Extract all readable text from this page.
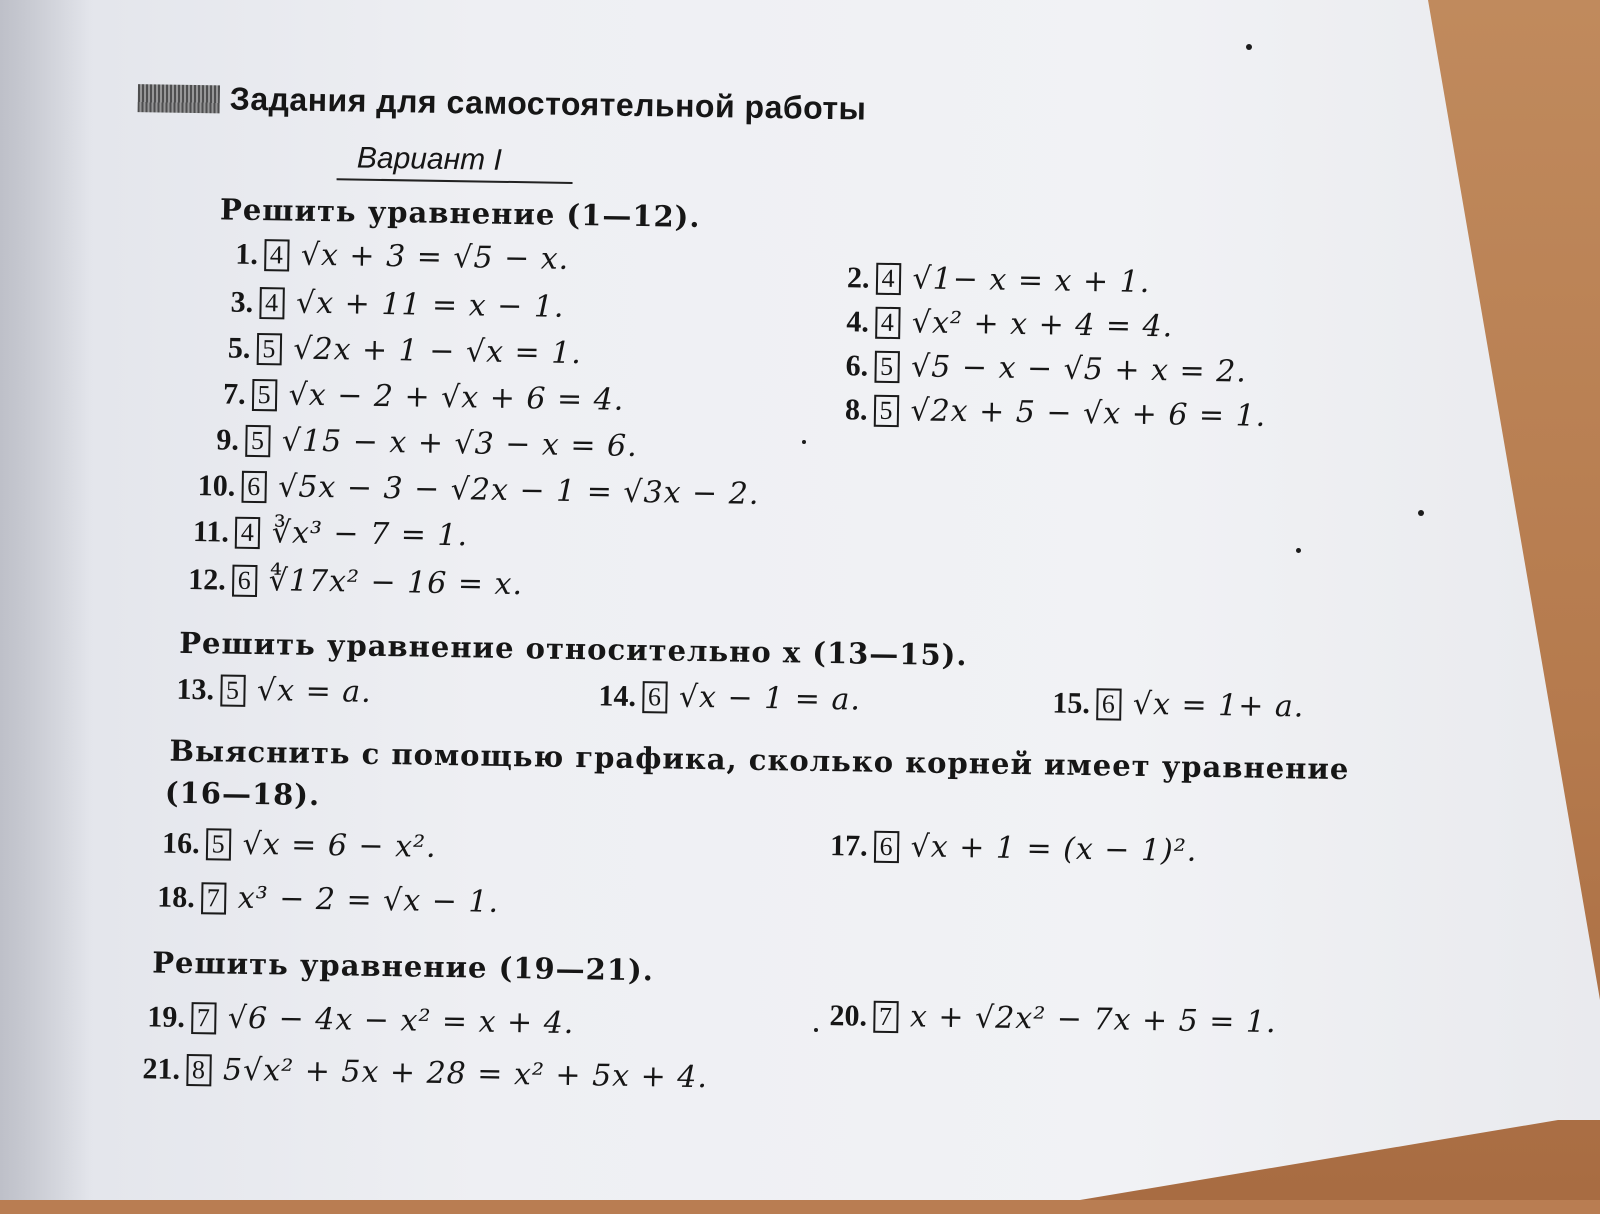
Задания для самостоятельной работы
Вариант I
Решить уравнение (1—12).
1. 4 √x + 3 = √5 − x.
2. 4 √1− x = x + 1.
3. 4 √x + 11 = x − 1.	4. 4 √x² + x + 4 = 4.
5. 5 √2x + 1 − √x = 1.	6. 5 √5 − x − √5 + x = 2.
7. 5 √x − 2 + √x + 6 = 4.	8. 5 √2x + 5 − √x + 6 = 1.
9. 5 √15 − x + √3 − x = 6.
10. 6 √5x − 3 − √2x − 1 = √3x − 2.
11. 4 ∛x³ − 7 = 1.
12. 6 ∜17x² − 16 = x.
Решить уравнение относительно x (13—15).
13. 5 √x = a.	14. 6 √x − 1 = a.	15. 6 √x = 1+ a.
Выяснить с помощью графика, сколько корней имеет уравнение
(16—18).
16. 5 √x = 6 − x².	17. 6 √x + 1 = (x − 1)².
18. 7 x³ − 2 = √x − 1.
Решить уравнение (19—21).
19. 7 √6 − 4x − x² = x + 4.	20. 7 x + √2x² − 7x + 5 = 1.
21. 8 5√x² + 5x + 28 = x² + 5x + 4.
